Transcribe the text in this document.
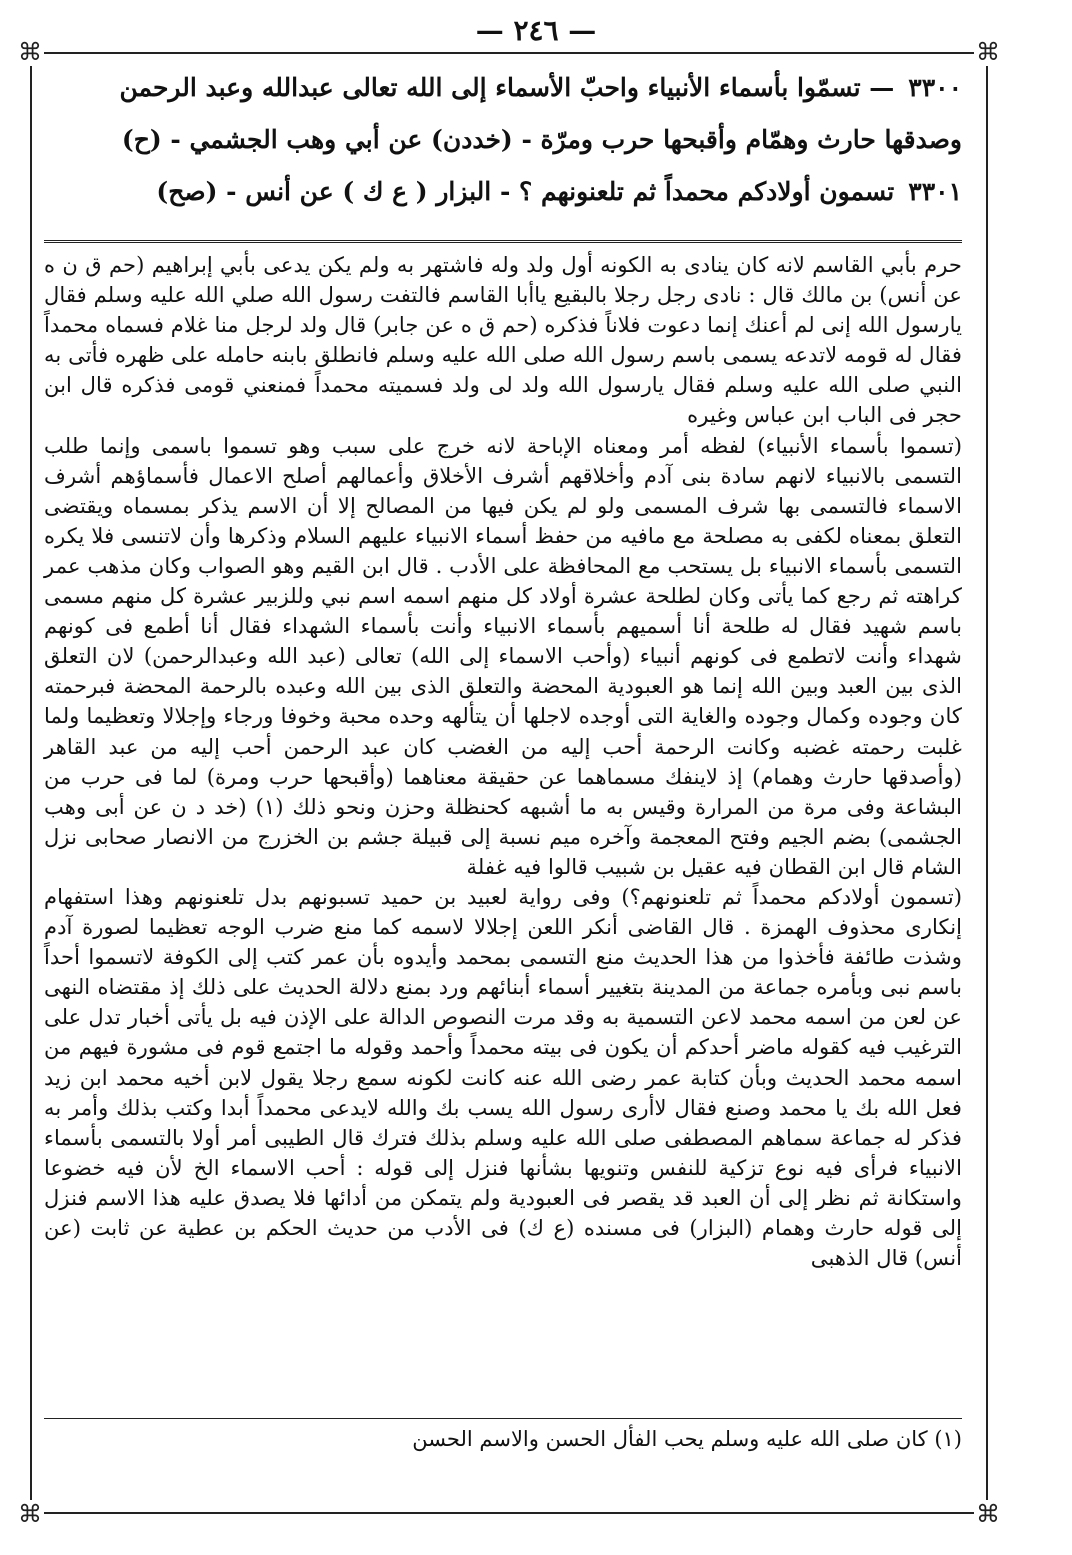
— ٢٤٦ —
⌘	⌘
⌘	⌘

٣٣٠٠— تسمّوا بأسماء الأنبياء واحبّ الأسماء إلى الله تعالى عبدالله وعبد الرحمن وصدقها حارث وهمّام وأقبحها حرب ومرّة - (خددن) عن أبي وهب الجشمي - (ح)

٣٣٠١تسمون أولادكم محمداً ثم تلعنونهم ؟ - البزار ( ع ك ) عن أنس - (صح)

حرم بأبي القاسم لانه كان ينادى به الكونه أول ولد وله فاشتهر به ولم يكن يدعى بأبي إبراهيم (حم ق ن ه عن أنس) بن مالك قال : نادى رجل رجلا بالبقيع ياأبا القاسم فالتفت رسول الله صلي الله عليه وسلم فقال يارسول الله إنى لم أعنك إنما دعوت فلاناً فذكره (حم ق ه عن جابر) قال ولد لرجل منا غلام فسماه محمداً فقال له قومه لاتدعه يسمى باسم رسول الله صلى الله عليه وسلم فانطلق بابنه حامله على ظهره فأتى به النبي صلى الله عليه وسلم فقال يارسول الله ولد لى ولد فسميته محمداً فمنعني قومى فذكره قال ابن حجر فى الباب ابن عباس وغيره

(تسموا بأسماء الأنبياء) لفظه أمر ومعناه الإباحة لانه خرج على سبب وهو تسموا باسمى وإنما طلب التسمى بالانبياء لانهم سادة بنى آدم وأخلاقهم أشرف الأخلاق وأعمالهم أصلح الاعمال فأسماؤهم أشرف الاسماء فالتسمى بها شرف المسمى ولو لم يكن فيها من المصالح إلا أن الاسم يذكر بمسماه ويقتضى التعلق بمعناه لكفى به مصلحة مع مافيه من حفظ أسماء الانبياء عليهم السلام وذكرها وأن لاتنسى فلا يكره التسمى بأسماء الانبياء بل يستحب مع المحافظة على الأدب . قال ابن القيم وهو الصواب وكان مذهب عمر كراهته ثم رجع كما يأتى وكان لطلحة عشرة أولاد كل منهم اسمه اسم نبي وللزبير عشرة كل منهم مسمى باسم شهيد فقال له طلحة أنا أسميهم بأسماء الانبياء وأنت بأسماء الشهداء فقال أنا أطمع فى كونهم شهداء وأنت لاتطمع فى كونهم أنبياء (وأحب الاسماء إلى الله) تعالى (عبد الله وعبدالرحمن) لان التعلق الذى بين العبد وبين الله إنما هو العبودية المحضة والتعلق الذى بين الله وعبده بالرحمة المحضة فبرحمته كان وجوده وكمال وجوده والغاية التى أوجده لاجلها أن يتألهه وحده محبة وخوفا ورجاء وإجلالا وتعظيما ولما غلبت رحمته غضبه وكانت الرحمة أحب إليه من الغضب كان عبد الرحمن أحب إليه من عبد القاهر (وأصدقها حارث وهمام) إذ لاينفك مسماهما عن حقيقة معناهما (وأقبحها حرب ومرة) لما فى حرب من البشاعة وفى مرة من المرارة وقيس به ما أشبهه كحنظلة وحزن ونحو ذلك (١) (خد د ن عن أبى وهب الجشمى) بضم الجيم وفتح المعجمة وآخره ميم نسبة إلى قبيلة جشم بن الخزرج من الانصار صحابى نزل الشام قال ابن القطان فيه عقيل بن شبيب قالوا فيه غفلة

(تسمون أولادكم محمداً ثم تلعنونهم؟) وفى رواية لعبيد بن حميد تسبونهم بدل تلعنونهم وهذا استفهام إنكارى محذوف الهمزة . قال القاضى أنكر اللعن إجلالا لاسمه كما منع ضرب الوجه تعظيما لصورة آدم وشذت طائفة فأخذوا من هذا الحديث منع التسمى بمحمد وأيدوه بأن عمر كتب إلى الكوفة لاتسموا أحداً باسم نبى وبأمره جماعة من المدينة بتغيير أسماء أبنائهم ورد بمنع دلالة الحديث على ذلك إذ مقتضاه النهى عن لعن من اسمه محمد لاعن التسمية به وقد مرت النصوص الدالة على الإذن فيه بل يأتى أخبار تدل على الترغيب فيه كقوله ماضر أحدكم أن يكون فى بيته محمداً وأحمد وقوله ما اجتمع قوم فى مشورة فيهم من اسمه محمد الحديث وبأن كتابة عمر رضى الله عنه كانت لكونه سمع رجلا يقول لابن أخيه محمد ابن زيد فعل الله بك يا محمد وصنع فقال لاأرى رسول الله يسب بك والله لايدعى محمداً أبدا وكتب بذلك وأمر به فذكر له جماعة سماهم المصطفى صلى الله عليه وسلم بذلك فترك قال الطيبى أمر أولا بالتسمى بأسماء الانبياء فرأى فيه نوع تزكية للنفس وتنويها بشأنها فنزل إلى قوله : أحب الاسماء الخ لأن فيه خضوعا واستكانة ثم نظر إلى أن العبد قد يقصر فى العبودية ولم يتمكن من أدائها فلا يصدق عليه هذا الاسم فنزل إلى قوله حارث وهمام (البزار) فى مسنده (ع ك) فى الأدب من حديث الحكم بن عطية عن ثابت (عن أنس) قال الذهبى

(١) كان صلى الله عليه وسلم يحب الفأل الحسن والاسم الحسن
